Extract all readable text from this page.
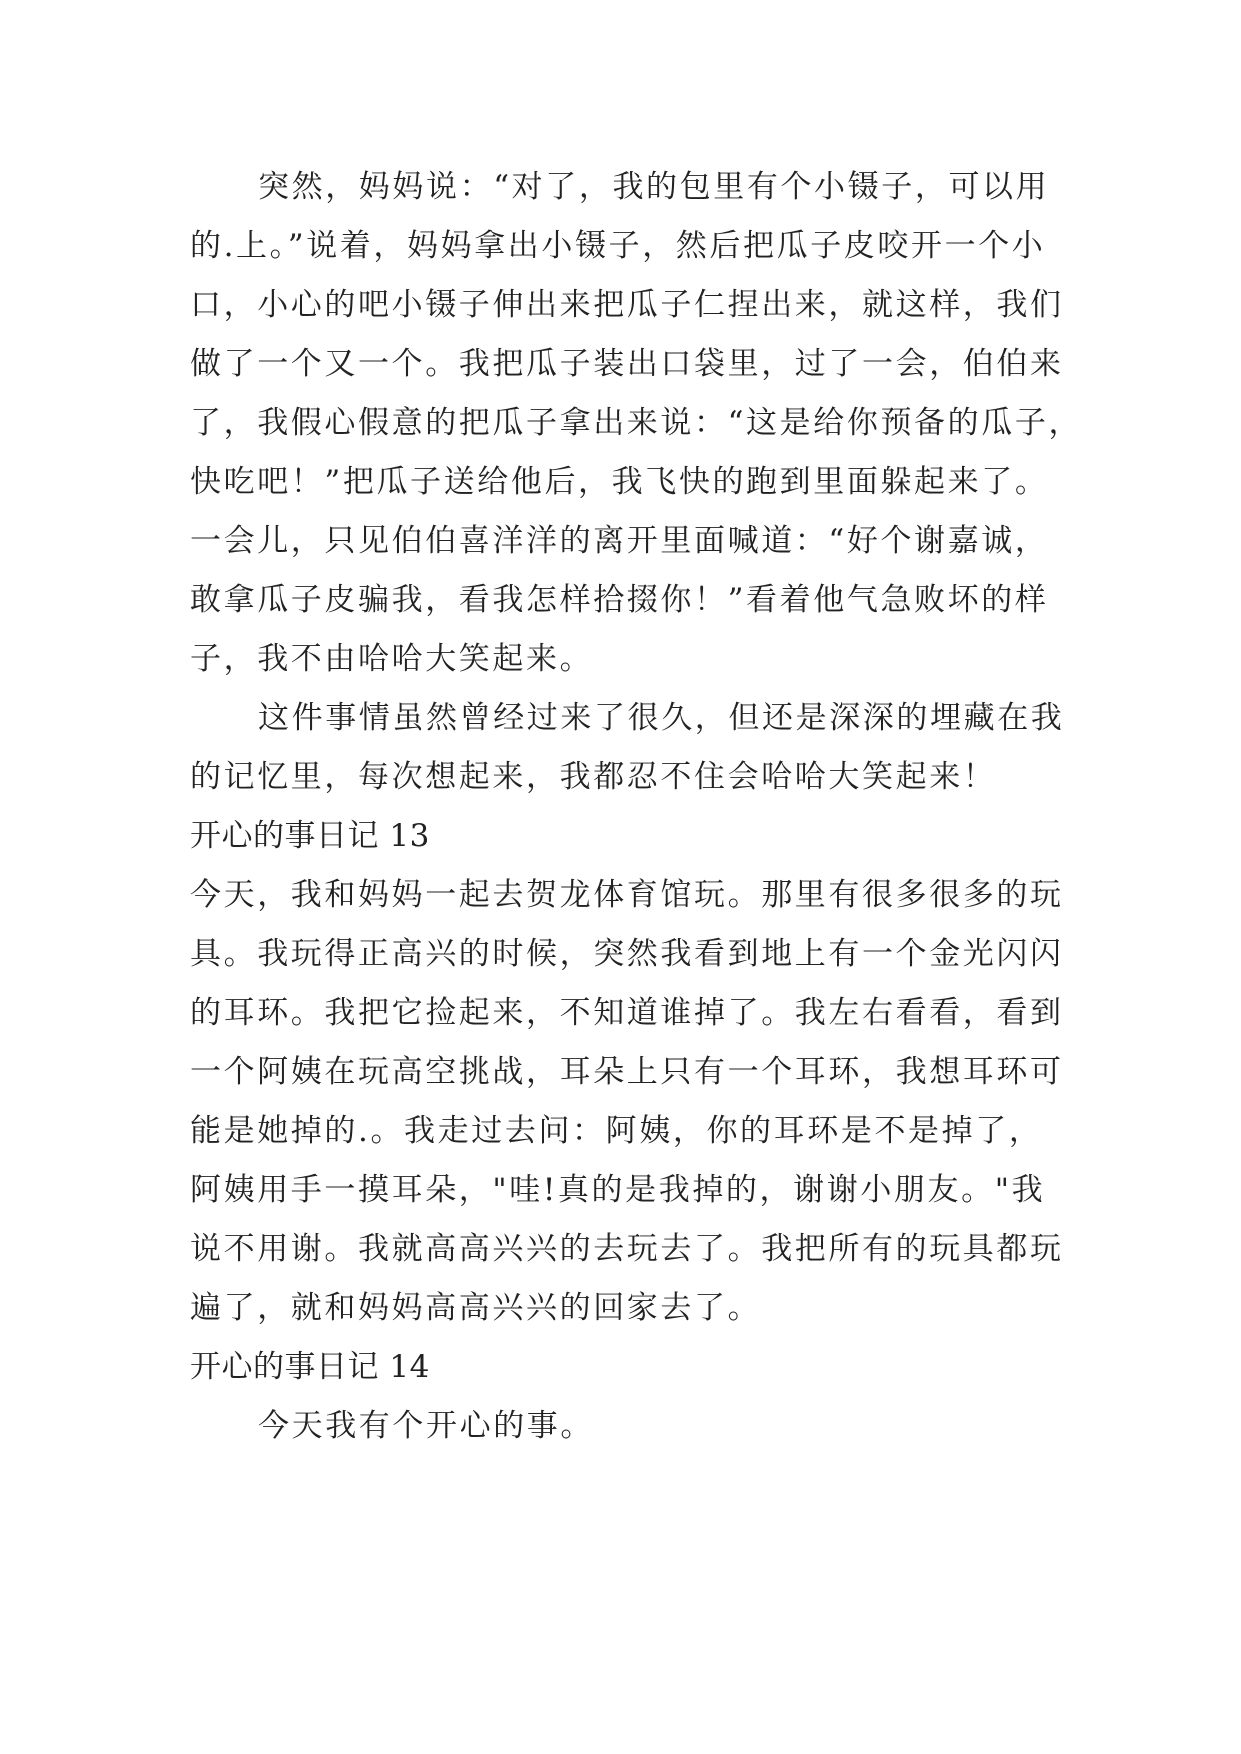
突然，妈妈说：“对了，我的包里有个小镊子，可以用
的.上。”说着，妈妈拿出小镊子，然后把瓜子皮咬开一个小
口，小心的吧小镊子伸出来把瓜子仁捏出来，就这样，我们
做了一个又一个。我把瓜子装出口袋里，过了一会，伯伯来
了，我假心假意的把瓜子拿出来说：“这是给你预备的瓜子，
快吃吧！”把瓜子送给他后，我飞快的跑到里面躲起来了。
一会儿，只见伯伯喜洋洋的离开里面喊道：“好个谢嘉诚，
敢拿瓜子皮骗我，看我怎样拾掇你！”看着他气急败坏的样
子，我不由哈哈大笑起来。

这件事情虽然曾经过来了很久，但还是深深的埋藏在我
的记忆里，每次想起来，我都忍不住会哈哈大笑起来！

开心的事日记 13

今天，我和妈妈一起去贺龙体育馆玩。那里有很多很多的玩
具。我玩得正高兴的时候，突然我看到地上有一个金光闪闪
的耳环。我把它捡起来，不知道谁掉了。我左右看看，看到
一个阿姨在玩高空挑战，耳朵上只有一个耳环，我想耳环可
能是她掉的.。我走过去问：阿姨，你的耳环是不是掉了，
阿姨用手一摸耳朵，"哇!真的是我掉的，谢谢小朋友。"我
说不用谢。我就高高兴兴的去玩去了。我把所有的玩具都玩
遍了，就和妈妈高高兴兴的回家去了。

开心的事日记 14

今天我有个开心的事。
